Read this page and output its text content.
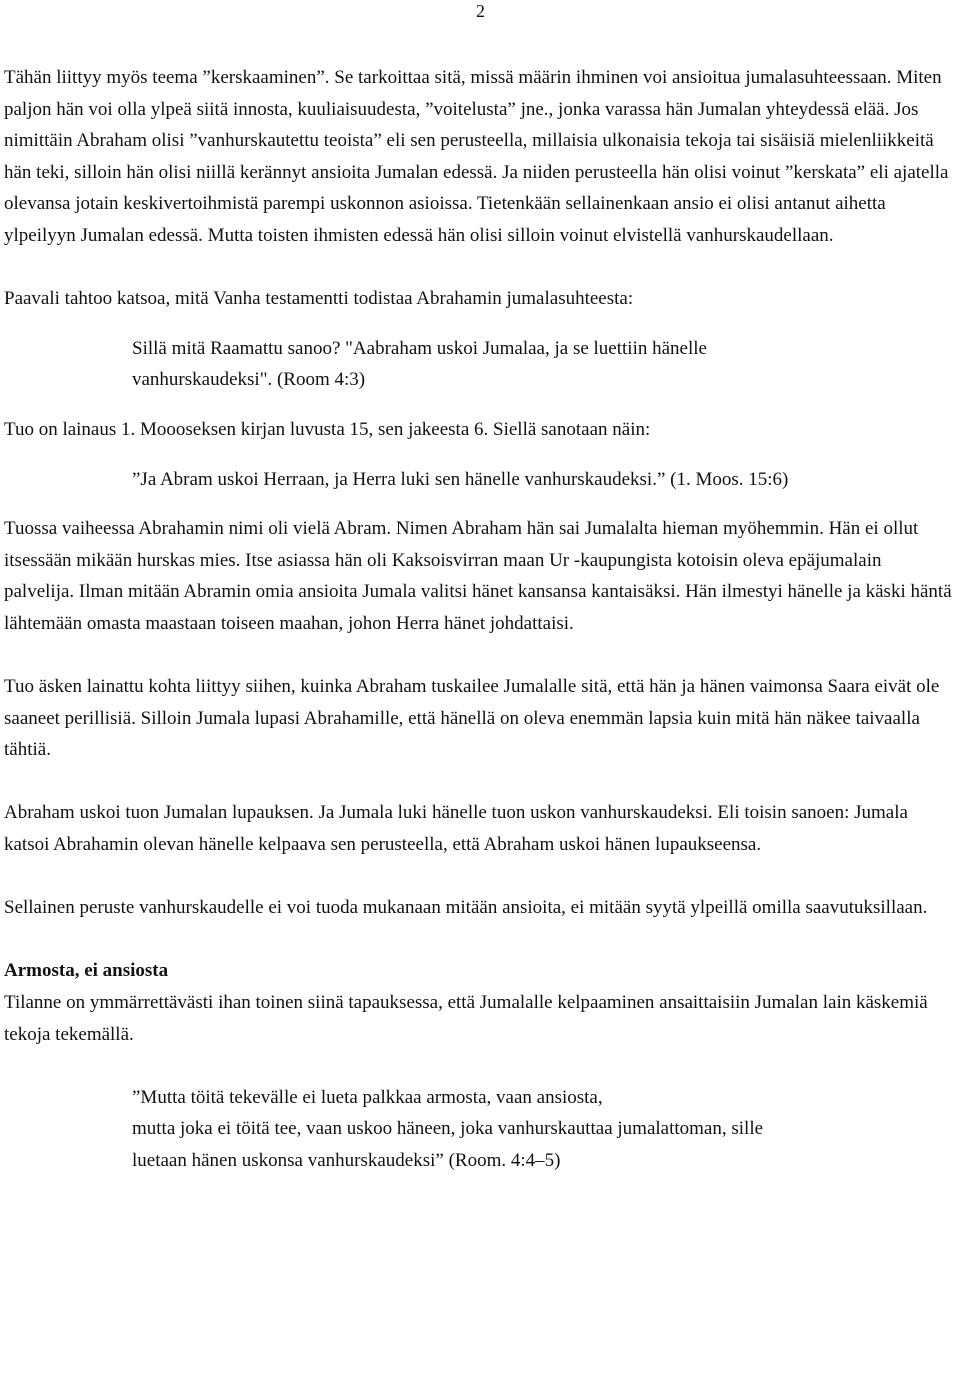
2

Tähän liittyy myös teema ”kerskaaminen”. Se tarkoittaa sitä, missä määrin ihminen voi ansioitua jumalasuhteessaan. Miten paljon hän voi olla ylpeä siitä innosta, kuuliaisuudesta, ”voitelusta” jne., jonka varassa hän Jumalan yhteydessä elää. Jos nimittäin Abraham olisi ”vanhurskautettu teoista” eli sen perusteella, millaisia ulkonaisia tekoja tai sisäisiä mielenliikkeitä hän teki, silloin hän olisi niillä kerännyt ansioita Jumalan edessä. Ja niiden perusteella hän olisi voinut ”kerskata” eli ajatella olevansa jotain keskivertoihmistä parempi uskonnon asioissa. Tietenkään sellainenkaan ansio ei olisi antanut aihetta ylpeilyyn Jumalan edessä. Mutta toisten ihmisten edessä hän olisi silloin voinut elvistellä vanhurskaudellaan.

Paavali tahtoo katsoa, mitä Vanha testamentti todistaa Abrahamin jumalasuhteesta:

Sillä mitä Raamattu sanoo? "Aabraham uskoi Jumalaa, ja se luettiin hänelle

vanhurskaudeksi". (Room 4:3)

Tuo on lainaus 1. Moooseksen kirjan luvusta 15, sen jakeesta 6. Siellä sanotaan näin:

”Ja Abram uskoi Herraan, ja Herra luki sen hänelle vanhurskaudeksi.” (1. Moos. 15:6)

Tuossa vaiheessa Abrahamin nimi oli vielä Abram. Nimen Abraham hän sai Jumalalta hieman myöhemmin. Hän ei ollut itsessään mikään hurskas mies. Itse asiassa hän oli Kaksoisvirran maan Ur -kaupungista kotoisin oleva epäjumalain palvelija. Ilman mitään Abramin omia ansioita Jumala valitsi hänet kansansa kantaisäksi. Hän ilmestyi hänelle ja käski häntä lähtemään omasta maastaan toiseen maahan, johon Herra hänet johdattaisi.

Tuo äsken lainattu kohta liittyy siihen, kuinka Abraham tuskailee Jumalalle sitä, että hän ja hänen vaimonsa Saara eivät ole saaneet perillisiä. Silloin Jumala lupasi Abrahamille, että hänellä on oleva enemmän lapsia kuin mitä hän näkee taivaalla tähtiä.

Abraham uskoi tuon Jumalan lupauksen. Ja Jumala luki hänelle tuon uskon vanhurskaudeksi. Eli toisin sanoen: Jumala katsoi Abrahamin olevan hänelle kelpaava sen perusteella, että Abraham uskoi hänen lupaukseensa.

Sellainen peruste vanhurskaudelle ei voi tuoda mukanaan mitään ansioita, ei mitään syytä ylpeillä omilla saavutuksillaan.

Armosta, ei ansiosta

Tilanne on ymmärrettävästi ihan toinen siinä tapauksessa, että Jumalalle kelpaaminen ansaittaisiin Jumalan lain käskemiä tekoja tekemällä.

”Mutta töitä tekevälle ei lueta palkkaa armosta, vaan ansiosta,

mutta joka ei töitä tee, vaan uskoo häneen, joka vanhurskauttaa jumalattoman, sille

luetaan hänen uskonsa vanhurskaudeksi” (Room. 4:4–5)
